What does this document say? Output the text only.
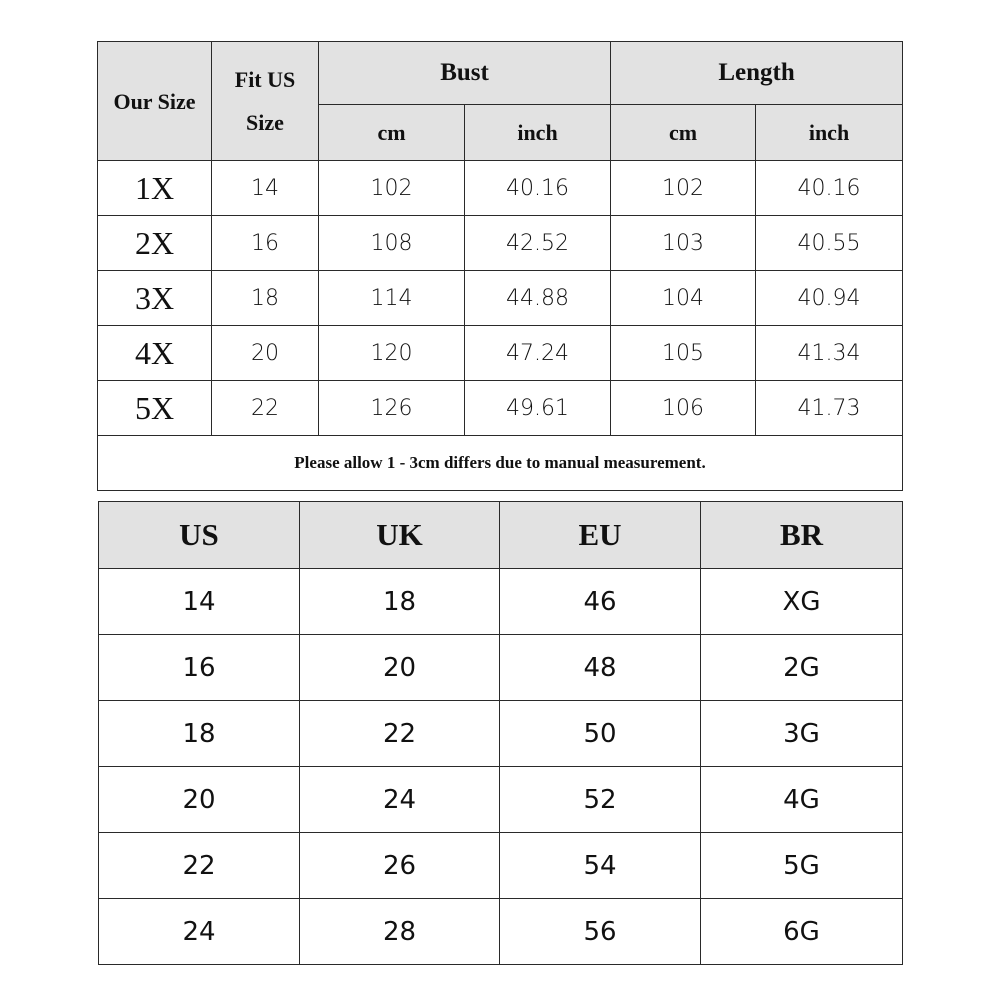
Our Size	Fit US
Size	Bust		Length	
		cm	inch	cm	inch
1X	14	102	40.16	102	40.16
2X	16	108	42.52	103	40.55
3X	18	114	44.88	104	40.94
4X	20	120	47.24	105	41.34
5X	22	126	49.61	106	41.73
Please allow 1 - 3cm differs due to manual measurement.					
US	UK	EU	BR
14	18	46	XG
16	20	48	2G
18	22	50	3G
20	24	52	4G
22	26	54	5G
24	28	56	6G
